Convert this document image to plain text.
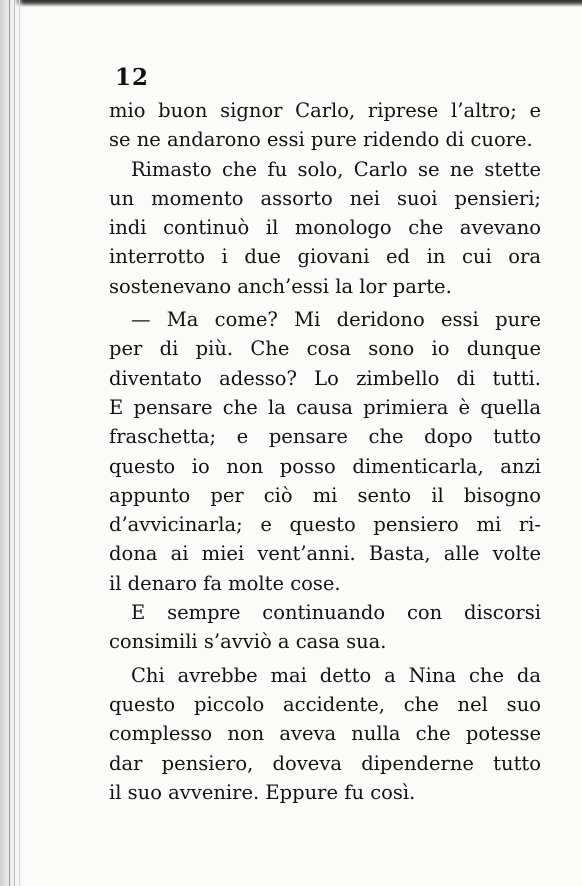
12
mio buon signor Carlo, riprese l’altro; e
se ne andarono essi pure ridendo di cuore.
Rimasto che fu solo, Carlo se ne stette
un momento assorto nei suoi pensieri;
indi continuò il monologo che avevano
interrotto i due giovani ed in cui ora
sostenevano anch’essi la lor parte.
— Ma come? Mi deridono essi pure
per di più. Che cosa sono io dunque
diventato adesso? Lo zimbello di tutti.
E pensare che la causa primiera è quella
fraschetta; e pensare che dopo tutto
questo io non posso dimenticarla, anzi
appunto per ciò mi sento il bisogno
d’avvicinarla; e questo pensiero mi ri-
dona ai miei vent’anni. Basta, alle volte
il denaro fa molte cose.
E sempre continuando con discorsi
consimili s’avviò a casa sua.
Chi avrebbe mai detto a Nina che da
questo piccolo accidente, che nel suo
complesso non aveva nulla che potesse
dar pensiero, doveva dipenderne tutto
il suo avvenire. Eppure fu così.
